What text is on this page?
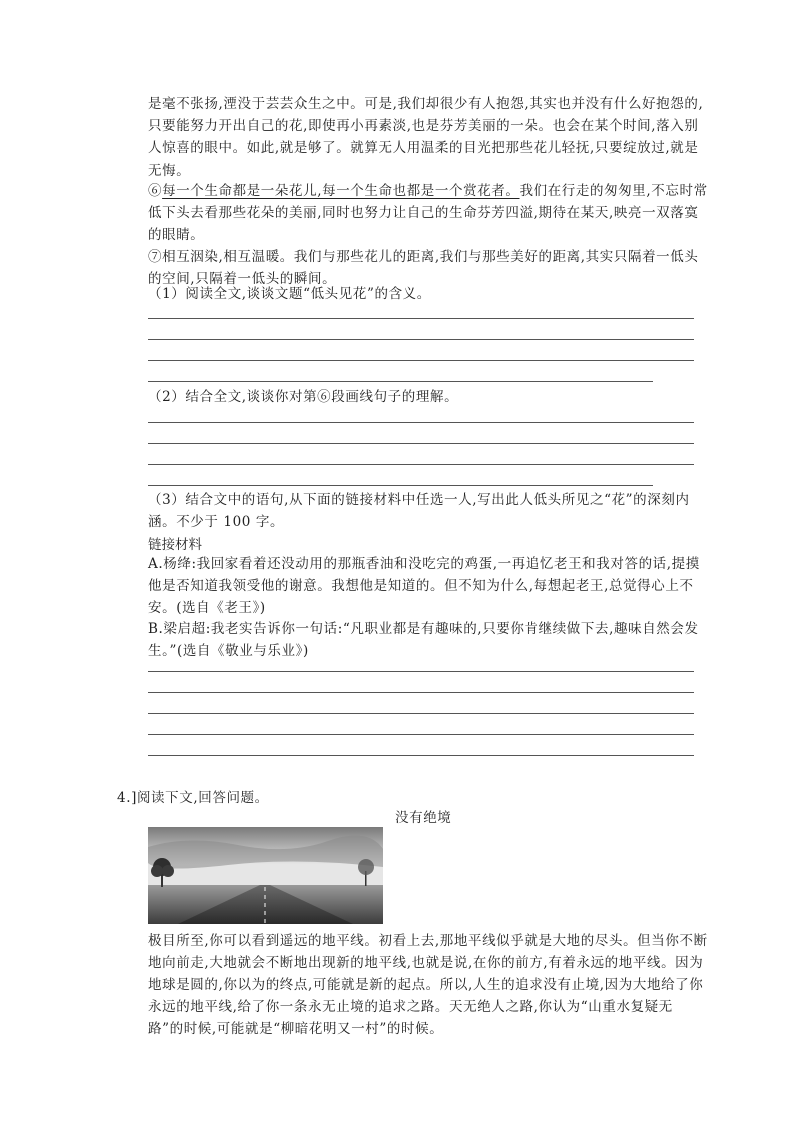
是毫不张扬,湮没于芸芸众生之中。可是,我们却很少有人抱怨,其实也并没有什么好抱怨的,只要能努力开出自己的花,即使再小再素淡,也是芬芳美丽的一朵。也会在某个时间,落入别人惊喜的眼中。如此,就是够了。就算无人用温柔的目光把那些花儿轻抚,只要绽放过,就是无悔。
⑥每一个生命都是一朵花儿,每一个生命也都是一个赏花者。我们在行走的匆匆里,不忘时常低下头去看那些花朵的美丽,同时也努力让自己的生命芬芳四溢,期待在某天,映亮一双落寞的眼睛。
⑦相互洇染,相互温暖。我们与那些花儿的距离,我们与那些美好的距离,其实只隔着一低头的空间,只隔着一低头的瞬间。
（1）阅读全文,谈谈文题“低头见花”的含义。
（2）结合全文,谈谈你对第⑥段画线句子的理解。
（3）结合文中的语句,从下面的链接材料中任选一人,写出此人低头所见之“花”的深刻内涵。不少于 100 字。
链接材料
A.杨绛:我回家看着还没动用的那瓶香油和没吃完的鸡蛋,一再追忆老王和我对答的话,提摸他是否知道我领受他的谢意。我想他是知道的。但不知为什么,每想起老王,总觉得心上不安。(选自《老王》)
B.梁启超:我老实告诉你一句话:“凡职业都是有趣味的,只要你肯继续做下去,趣味自然会发生。”(选自《敬业与乐业》)
4.]阅读下文,回答问题。
没有绝境
极目所至,你可以看到遥远的地平线。初看上去,那地平线似乎就是大地的尽头。但当你不断地向前走,大地就会不断地出现新的地平线,也就是说,在你的前方,有着永远的地平线。因为地球是圆的,你以为的终点,可能就是新的起点。所以,人生的追求没有止境,因为大地给了你永远的地平线,给了你一条永无止境的追求之路。天无绝人之路,你认为“山重水复疑无路”的时候,可能就是“柳暗花明又一村”的时候。
